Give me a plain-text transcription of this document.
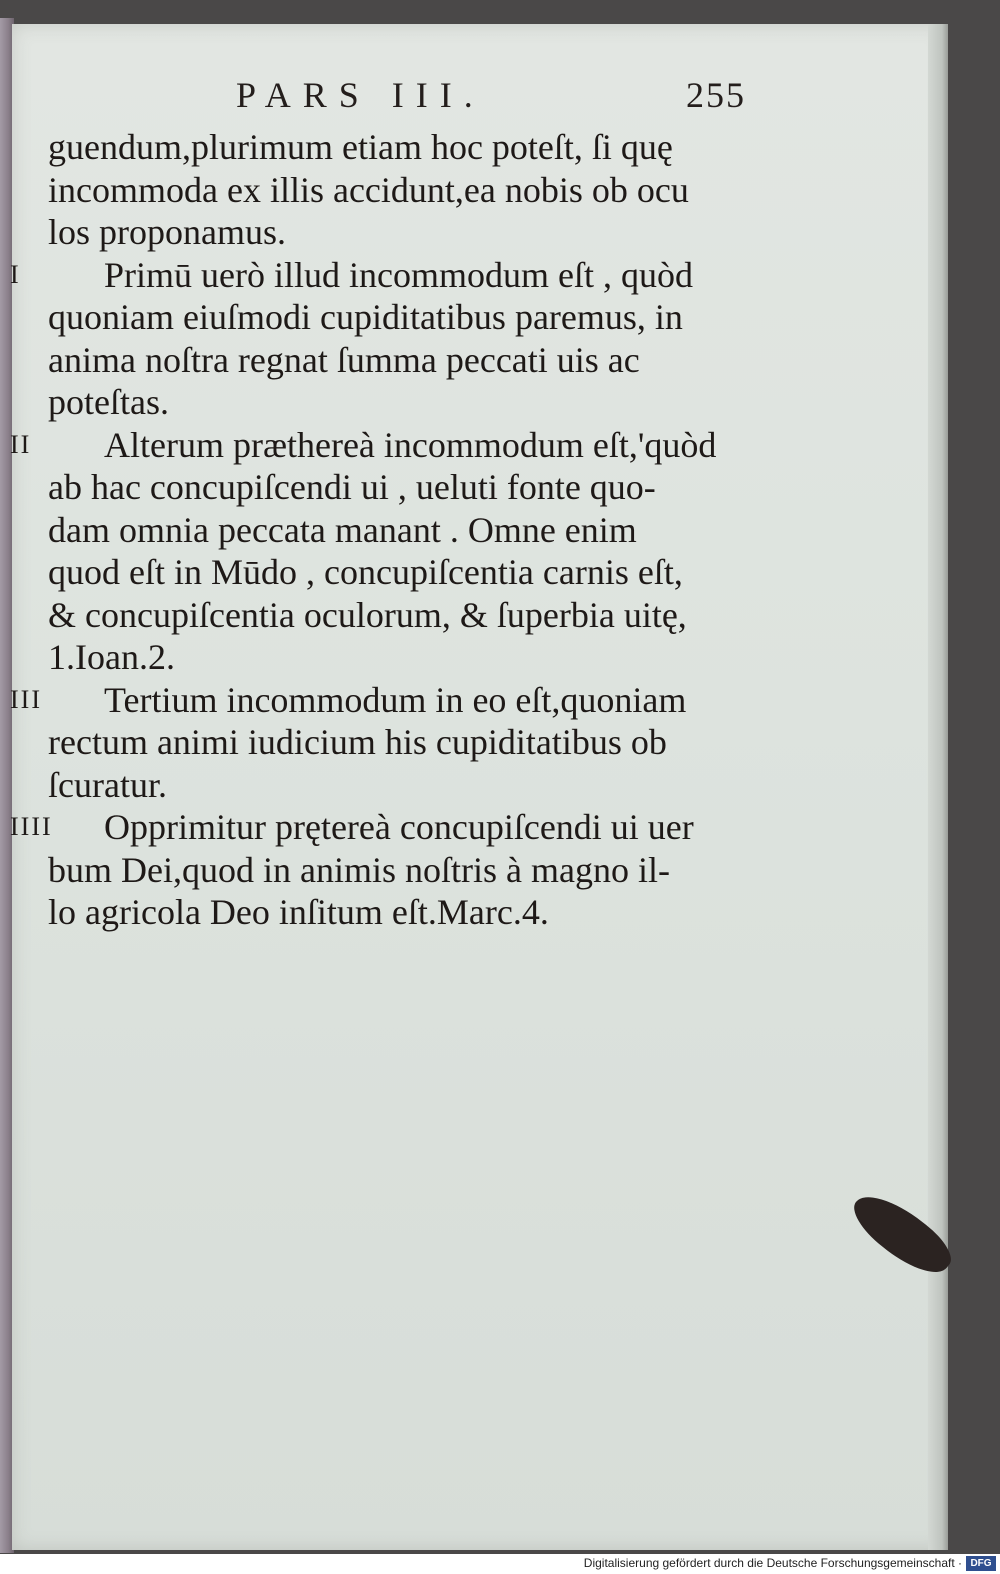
PARS III.	255
guendum,plurimum etiam hoc poteſt, ſi quę
incommoda ex illis accidunt,ea nobis ob ocu
los proponamus.
I	Primū uerò illud incommodum eſt , quòd
quoniam eiuſmodi cupiditatibus paremus, in
anima noſtra regnat ſumma peccati uis ac
poteſtas.
II	Alterum præthereà incommodum eſt,'quòd
ab hac concupiſcendi ui , ueluti fonte quo-
dam omnia peccata manant . Omne enim
quod eſt in Mūdo , concupiſcentia carnis eſt,
& concupiſcentia oculorum, & ſuperbia uitę,
1.Ioan.2.
III	Tertium incommodum in eo eſt,quoniam
rectum animi iudicium his cupiditatibus ob
ſcuratur.
IIII	Opprimitur prętereà concupiſcendi ui uer
bum Dei,quod in animis noſtris à magno il-
lo agricola Deo inſitum eſt.Marc.4.
Digitalisierung gefördert durch die Deutsche Forschungsgemeinschaft · DFG
